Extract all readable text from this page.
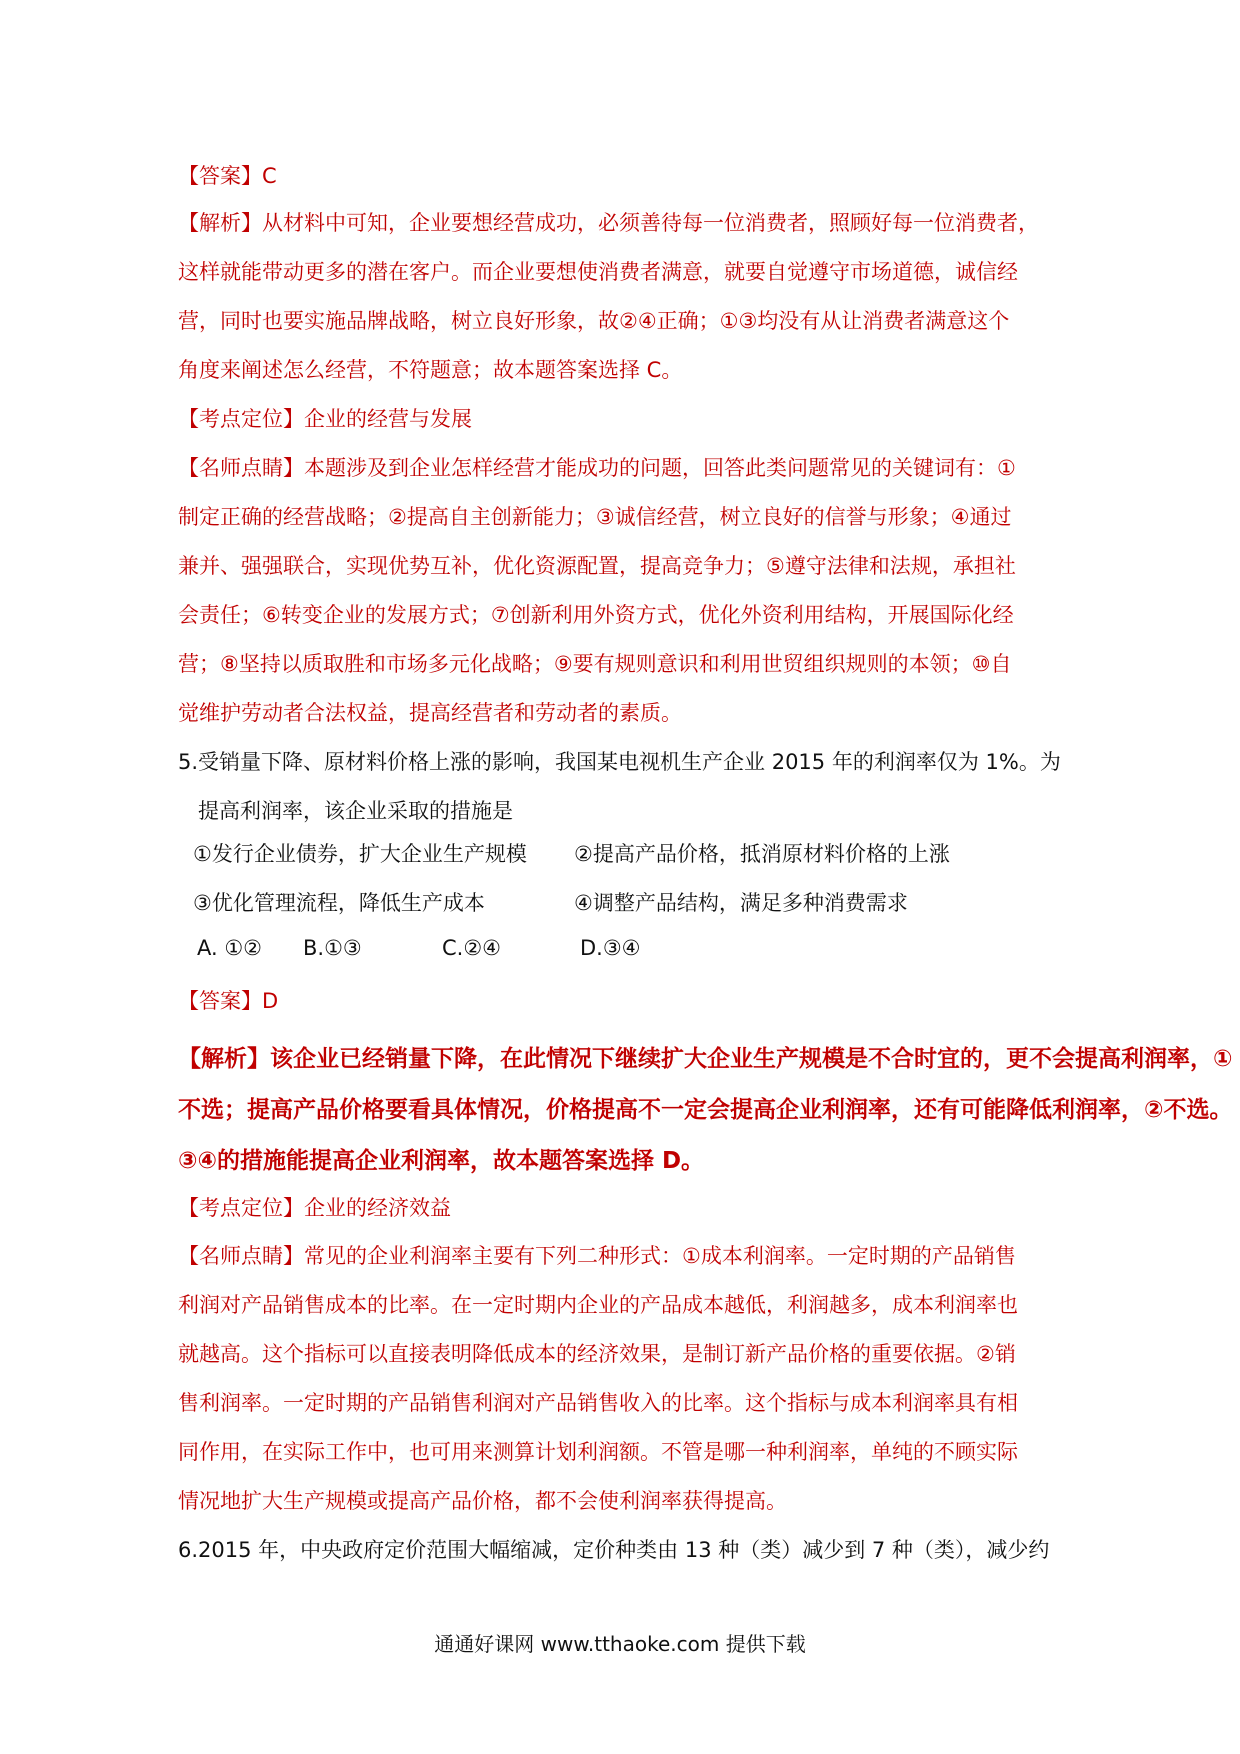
【答案】C
【解析】从材料中可知，企业要想经营成功，必须善待每一位消费者，照顾好每一位消费者，
这样就能带动更多的潜在客户。而企业要想使消费者满意，就要自觉遵守市场道德，诚信经
营，同时也要实施品牌战略，树立良好形象，故②④正确；①③均没有从让消费者满意这个
角度来阐述怎么经营，不符题意；故本题答案选择 C。
【考点定位】企业的经营与发展
【名师点睛】本题涉及到企业怎样经营才能成功的问题，回答此类问题常见的关键词有：①
制定正确的经营战略；②提高自主创新能力；③诚信经营，树立良好的信誉与形象；④通过
兼并、强强联合，实现优势互补，优化资源配置，提高竞争力；⑤遵守法律和法规，承担社
会责任；⑥转变企业的发展方式；⑦创新利用外资方式，优化外资利用结构，开展国际化经
营；⑧坚持以质取胜和市场多元化战略；⑨要有规则意识和利用世贸组织规则的本领；⑩自
觉维护劳动者合法权益，提高经营者和劳动者的素质。
5.受销量下降、原材料价格上涨的影响，我国某电视机生产企业 2015 年的利润率仅为 1%。为
提高利润率，该企业采取的措施是
①发行企业债券，扩大企业生产规模 ②提高产品价格，抵消原材料价格的上涨
③优化管理流程，降低生产成本	④调整产品结构，满足多种消费需求
A. ①② B.①③	C.②④	D.③④
【答案】D
【解析】该企业已经销量下降，在此情况下继续扩大企业生产规模是不合时宜的，更不会提高利润率，①
不选；提高产品价格要看具体情况，价格提高不一定会提高企业利润率，还有可能降低利润率，②不选。
③④的措施能提高企业利润率，故本题答案选择 D。
【考点定位】企业的经济效益
【名师点睛】常见的企业利润率主要有下列二种形式：①成本利润率。一定时期的产品销售
利润对产品销售成本的比率。在一定时期内企业的产品成本越低，利润越多，成本利润率也
就越高。这个指标可以直接表明降低成本的经济效果，是制订新产品价格的重要依据。②销
售利润率。一定时期的产品销售利润对产品销售收入的比率。这个指标与成本利润率具有相
同作用，在实际工作中，也可用来测算计划利润额。不管是哪一种利润率，单纯的不顾实际
情况地扩大生产规模或提高产品价格，都不会使利润率获得提高。
6.2015 年，中央政府定价范围大幅缩减，定价种类由 13 种（类）减少到 7 种（类），减少约
通通好课网 www.tthaoke.com 提供下载
